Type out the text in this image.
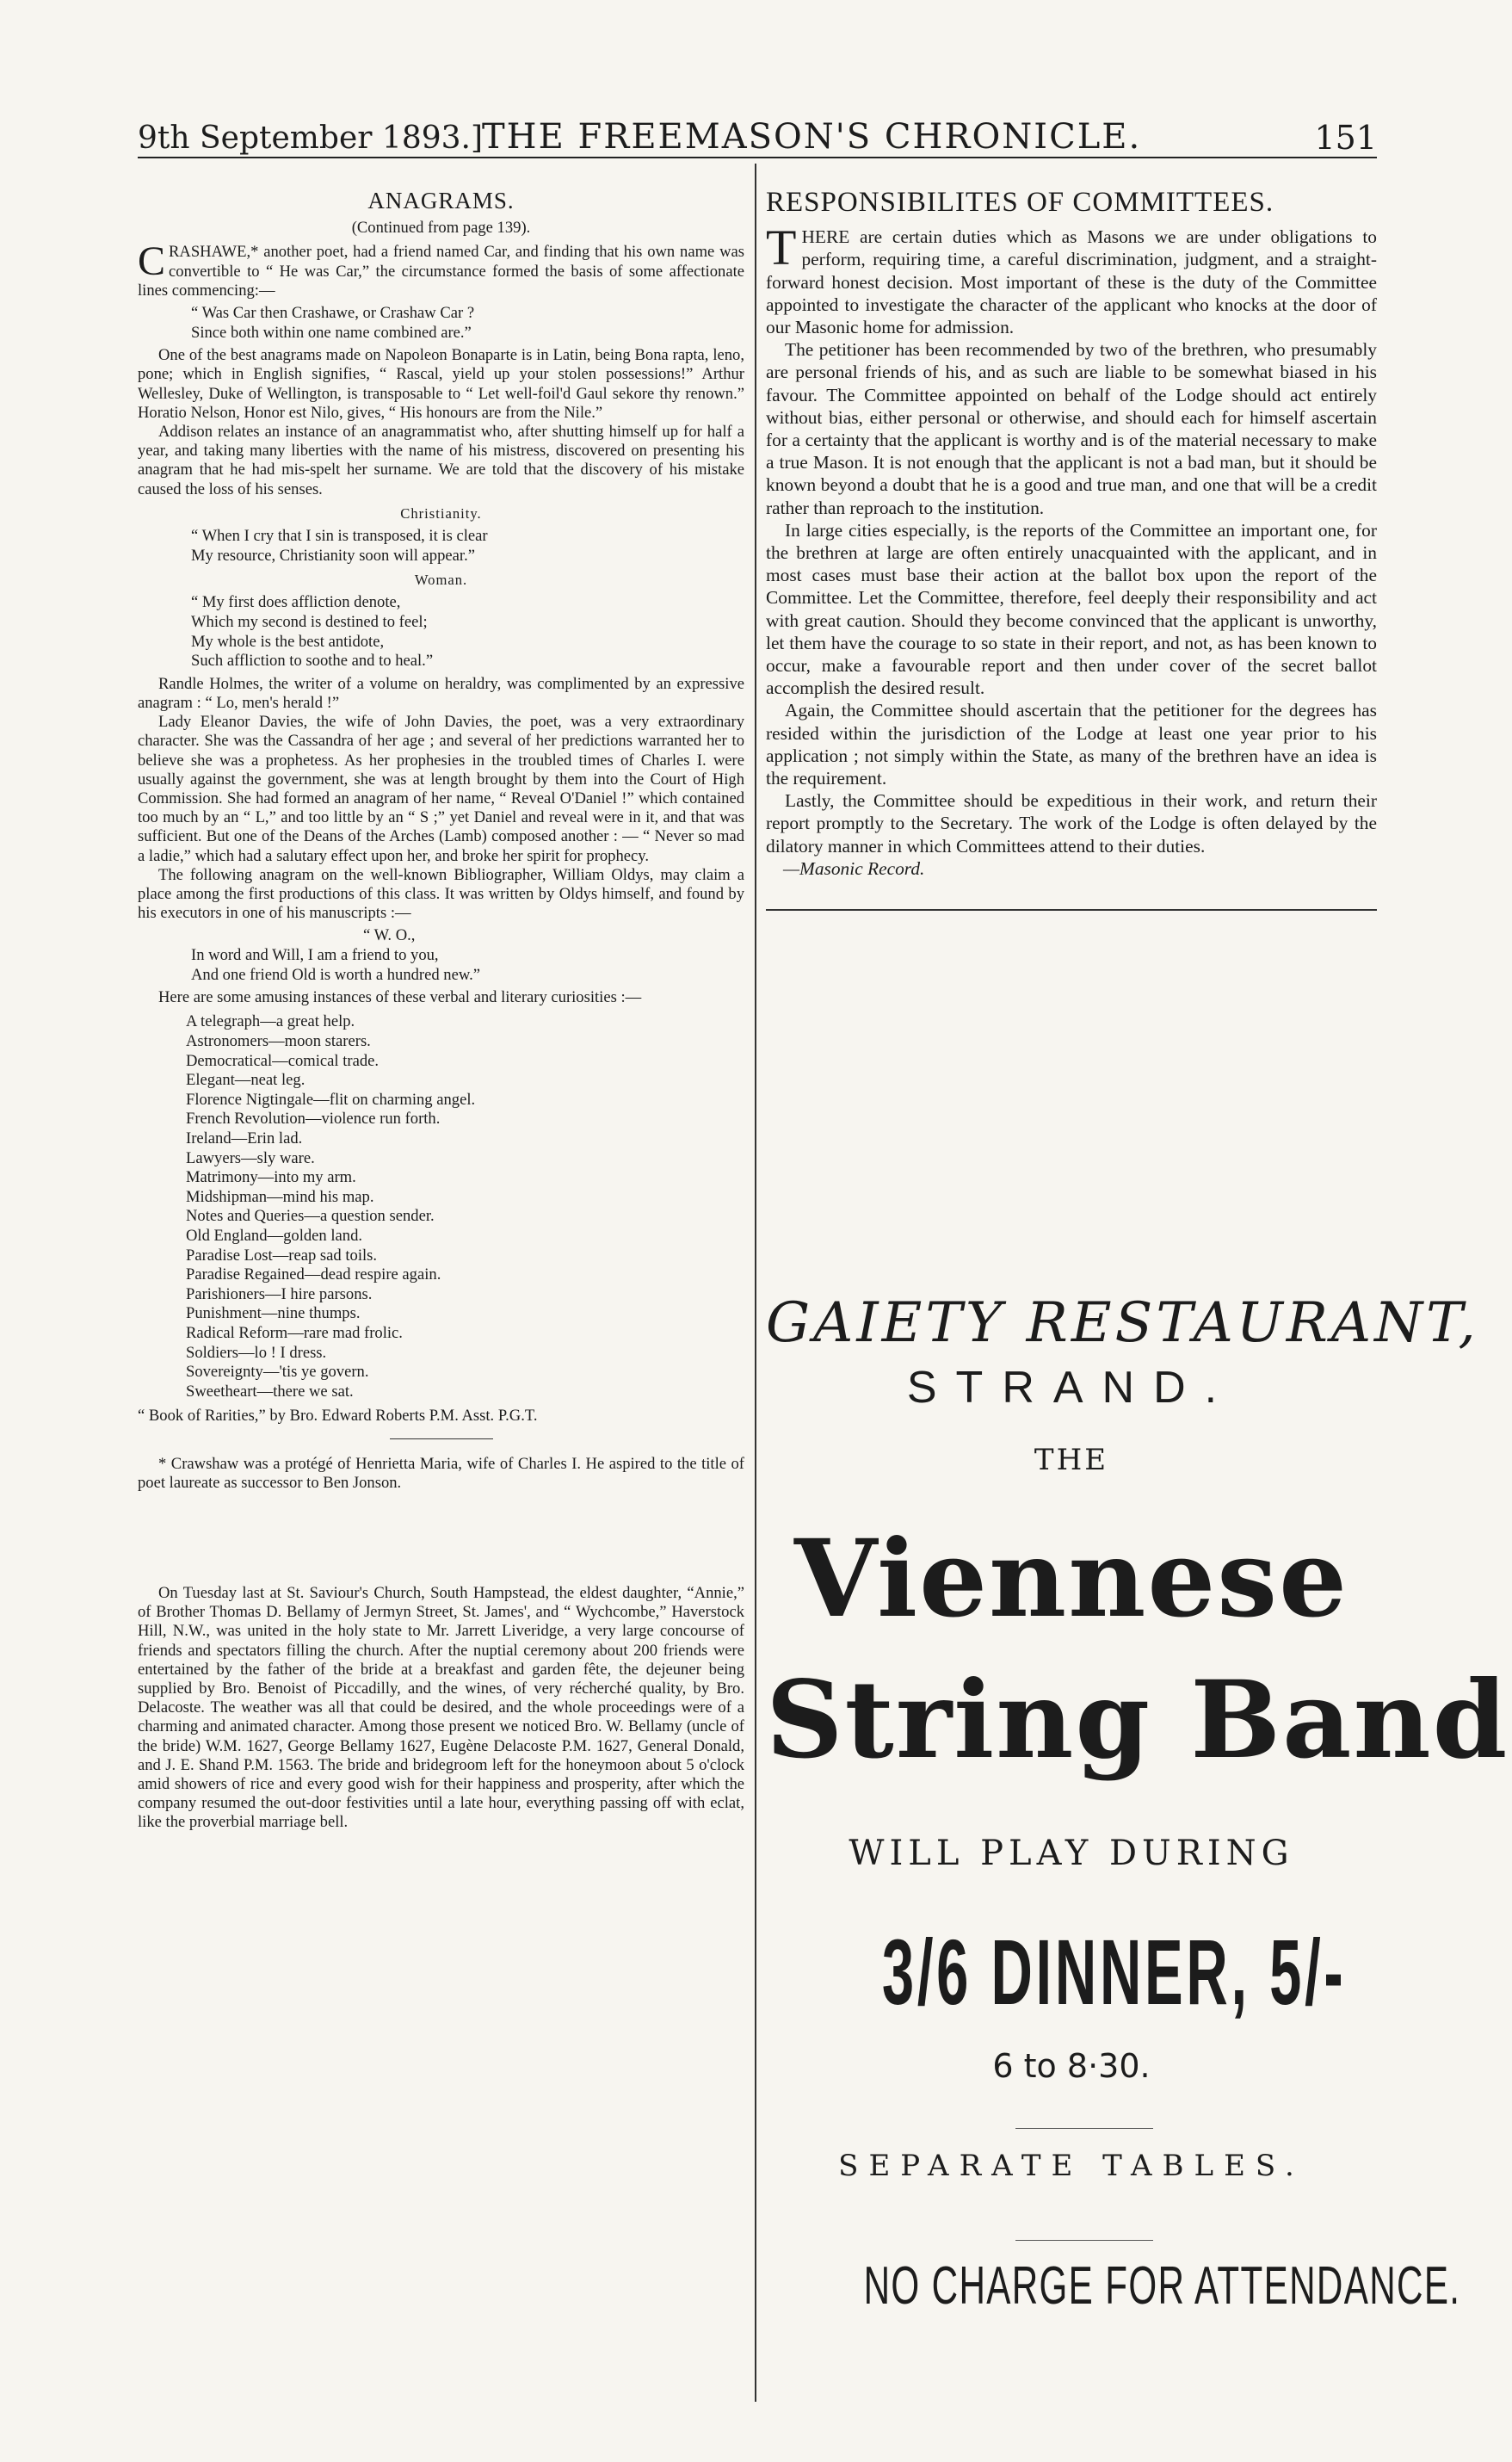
9th September 1893.]
THE FREEMASON'S CHRONICLE.	151
ANAGRAMS.
(Continued from page 139).

C RASHAWE,* another poet, had a friend named Car, and finding that his own name was convertible to “ He was Car,” the circumstance formed the basis of some affectionate lines commencing:—

“ Was Car then Crashawe, or Crashaw Car ?
Since both within one name combined are.”

One of the best anagrams made on Napoleon Bonaparte is in Latin, being Bona rapta, leno, pone; which in English signifies, “ Rascal, yield up your stolen possessions!” Arthur Wellesley, Duke of Wellington, is transposable to “ Let well-foil'd Gaul sekore thy renown.” Horatio Nelson, Honor est Nilo, gives, “ His honours are from the Nile.”

Addison relates an instance of an anagrammatist who, after shutting himself up for half a year, and taking many liberties with the name of his mistress, discovered on presenting his anagram that he had mis-spelt her surname. We are told that the discovery of his mistake caused the loss of his senses.

Christianity.
“ When I cry that I sin is transposed, it is clear
My resource, Christianity soon will appear.”
Woman.
“ My first does affliction denote,
Which my second is destined to feel;
My whole is the best antidote,
Such affliction to soothe and to heal.”

Randle Holmes, the writer of a volume on heraldry, was complimented by an expressive anagram : “ Lo, men's herald !”

Lady Eleanor Davies, the wife of John Davies, the poet, was a very extraordinary character. She was the Cassandra of her age ; and several of her predictions warranted her to believe she was a prophetess. As her prophesies in the troubled times of Charles I. were usually against the government, she was at length brought by them into the Court of High Commission. She had formed an anagram of her name, “ Reveal O'Daniel !” which contained too much by an “ L,” and too little by an “ S ;” yet Daniel and reveal were in it, and that was sufficient. But one of the Deans of the Arches (Lamb) composed another : — “ Never so mad a ladie,” which had a salutary effect upon her, and broke her spirit for prophecy.

The following anagram on the well-known Bibliographer, William Oldys, may claim a place among the first productions of this class. It was written by Oldys himself, and found by his executors in one of his manuscripts :—

“ W. O.,
In word and Will, I am a friend to you,
And one friend Old is worth a hundred new.”

Here are some amusing instances of these verbal and literary curiosities :—

A telegraph—a great help.
Astronomers—moon starers.
Democratical—comical trade.
Elegant—neat leg.
Florence Nigtingale—flit on charming angel.
French Revolution—violence run forth.
Ireland—Erin lad.
Lawyers—sly ware.
Matrimony—into my arm.
Midshipman—mind his map.
Notes and Queries—a question sender.
Old England—golden land.
Paradise Lost—reap sad toils.
Paradise Regained—dead respire again.
Parishioners—I hire parsons.
Punishment—nine thumps.
Radical Reform—rare mad frolic.
Soldiers—lo ! I dress.
Sovereignty—'tis ye govern.
Sweetheart—there we sat.

“ Book of Rarities,” by Bro. Edward Roberts P.M. Asst. P.G.T.

* Crawshaw was a protégé of Henrietta Maria, wife of Charles I. He aspired to the title of poet laureate as successor to Ben Jonson.

On Tuesday last at St. Saviour's Church, South Hampstead, the eldest daughter, “Annie,” of Brother Thomas D. Bellamy of Jermyn Street, St. James', and “ Wychcombe,” Haverstock Hill, N.W., was united in the holy state to Mr. Jarrett Liveridge, a very large concourse of friends and spectators filling the church. After the nuptial ceremony about 200 friends were entertained by the father of the bride at a breakfast and garden fête, the dejeuner being supplied by Bro. Benoist of Piccadilly, and the wines, of very récherché quality, by Bro. Delacoste. The weather was all that could be desired, and the whole proceedings were of a charming and animated character. Among those present we noticed Bro. W. Bellamy (uncle of the bride) W.M. 1627, George Bellamy 1627, Eugène Delacoste P.M. 1627, General Donald, and J. E. Shand P.M. 1563. The bride and bridegroom left for the honeymoon about 5 o'clock amid showers of rice and every good wish for their happiness and prosperity, after which the company resumed the out-door festivities until a late hour, everything passing off with eclat, like the proverbial marriage bell.

RESPONSIBILITES OF COMMITTEES.

T HERE are certain duties which as Masons we are under obligations to perform, requiring time, a careful discrimination, judgment, and a straight-forward honest decision. Most important of these is the duty of the Committee appointed to investigate the character of the applicant who knocks at the door of our Masonic home for admission.

The petitioner has been recommended by two of the brethren, who presumably are personal friends of his, and as such are liable to be somewhat biased in his favour. The Committee appointed on behalf of the Lodge should act entirely without bias, either personal or otherwise, and should each for himself ascertain for a certainty that the applicant is worthy and is of the material necessary to make a true Mason. It is not enough that the applicant is not a bad man, but it should be known beyond a doubt that he is a good and true man, and one that will be a credit rather than reproach to the institution.

In large cities especially, is the reports of the Committee an important one, for the brethren at large are often entirely unacquainted with the applicant, and in most cases must base their action at the ballot box upon the report of the Committee. Let the Committee, therefore, feel deeply their responsibility and act with great caution. Should they become convinced that the applicant is unworthy, let them have the courage to so state in their report, and not, as has been known to occur, make a favourable report and then under cover of the secret ballot accomplish the desired result.

Again, the Committee should ascertain that the petitioner for the degrees has resided within the jurisdiction of the Lodge at least one year prior to his application ; not simply within the State, as many of the brethren have an idea is the requirement.

Lastly, the Committee should be expeditious in their work, and return their report promptly to the Secretary. The work of the Lodge is often delayed by the dilatory manner in which Committees attend to their duties.

—Masonic Record.

GAIETY RESTAURANT,
STRAND.
THE
Viennese
String Band
WILL PLAY DURING
3/6 DINNER, 5/-
6 to 8·30.
SEPARATE TABLES.
NO CHARGE FOR ATTENDANCE.
